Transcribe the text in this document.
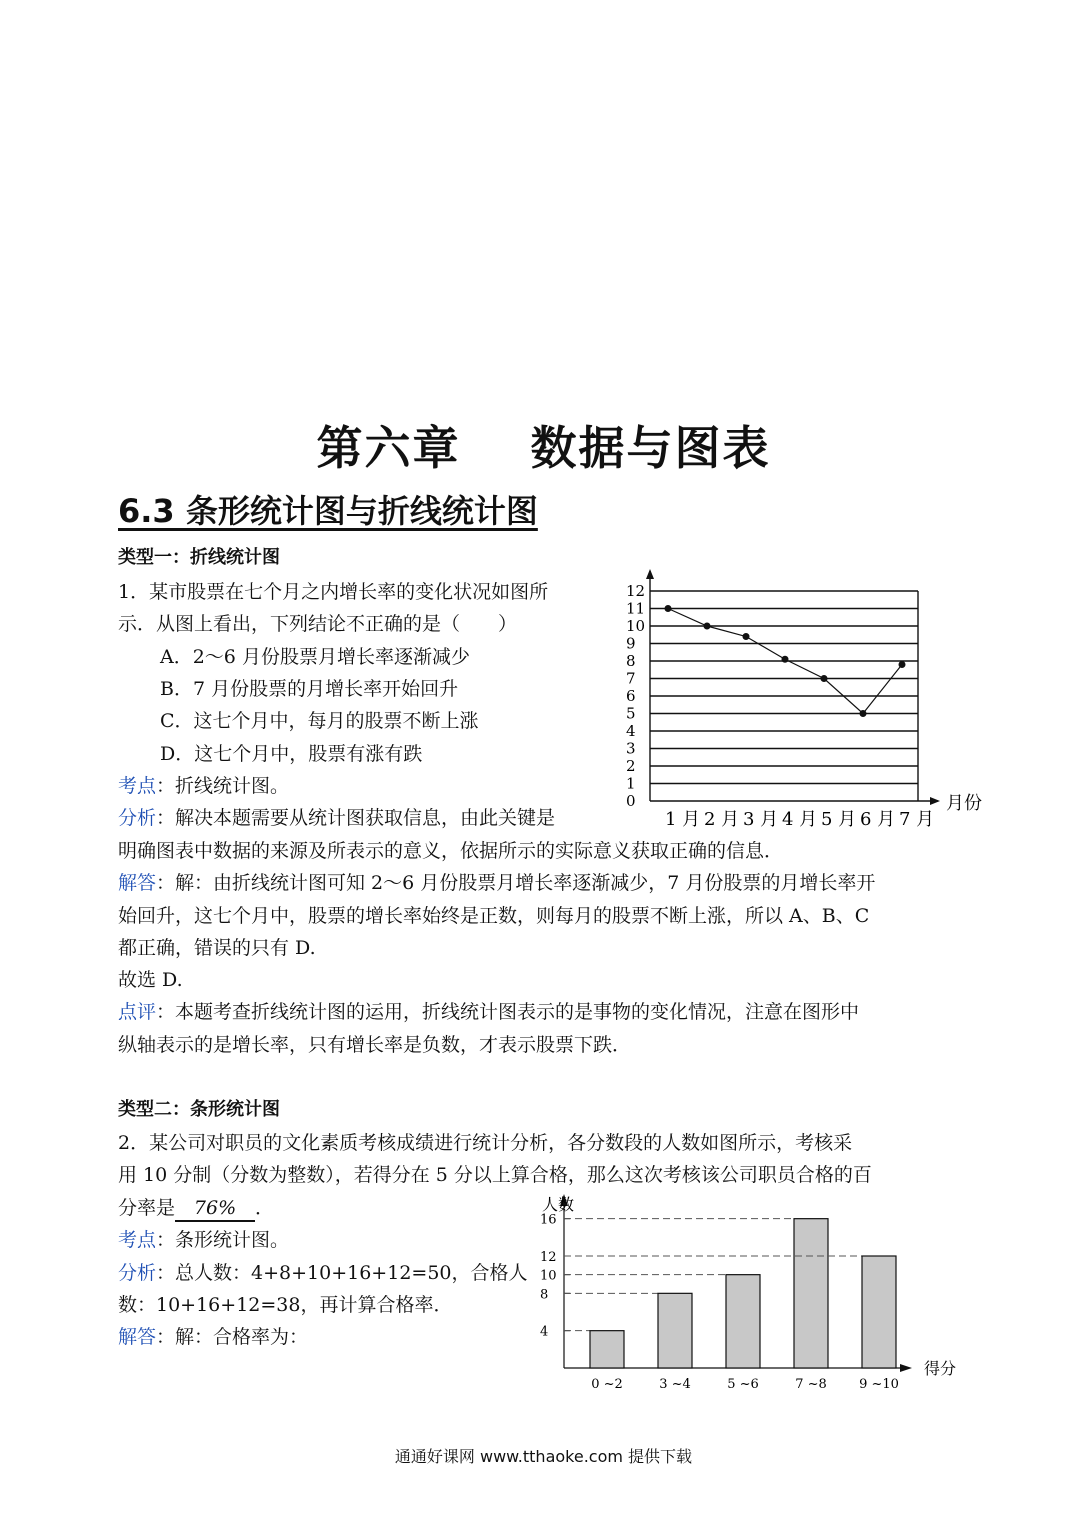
第六章 数据与图表
6.3 条形统计图与折线统计图
类型一：折线统计图
1．某市股票在七个月之内增长率的变化状况如图所
示．从图上看出，下列结论不正确的是（　　）
A．2～6 月份股票月增长率逐渐减少
B．7 月份股票的月增长率开始回升
C．这七个月中，每月的股票不断上涨
D．这七个月中，股票有涨有跌
考点：折线统计图。
分析：解决本题需要从统计图获取信息，由此关键是
明确图表中数据的来源及所表示的意义，依据所示的实际意义获取正确的信息．
解答：解：由折线统计图可知 2～6 月份股票月增长率逐渐减少，7 月份股票的月增长率开
始回升，这七个月中，股票的增长率始终是正数，则每月的股票不断上涨，所以 A、B、C
都正确，错误的只有 D.
故选 D.
点评：本题考查折线统计图的运用，折线统计图表示的是事物的变化情况，注意在图形中
纵轴表示的是增长率，只有增长率是负数，才表示股票下跌．
0
1
2
3
4
5
6
7
8
9
10
11
12
1 月 2 月 3 月 4 月 5 月 6 月 7 月
月份
类型二：条形统计图
2．某公司对职员的文化素质考核成绩进行统计分析，各分数段的人数如图所示，考核采
用 10 分制（分数为整数），若得分在 5 分以上算合格，那么这次考核该公司职员合格的百
分率是 76% ．
考点：条形统计图。
分析：总人数：4+8+10+16+12=50，合格人
数：10+16+12=38，再计算合格率．
解答：解：合格率为：
人数
得分
4
8
10
12
16
0 ~2	3 ~4	5 ~6	7 ~8 9 ~10
通通好课网 www.tthaoke.com 提供下载
